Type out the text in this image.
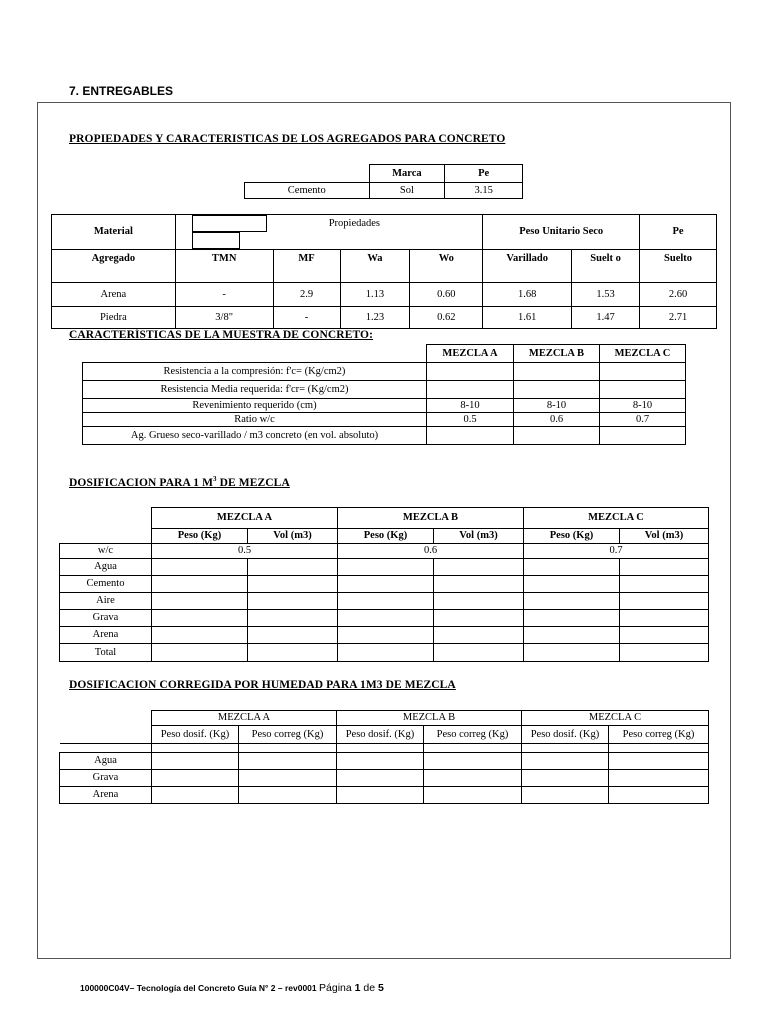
7. ENTREGABLES
PROPIEDADES Y CARACTERISTICAS DE LOS AGREGADOS PARA CONCRETO
	Marca	Pe
Cemento	Sol	3.15
Material	Propiedades				Peso Unitario Seco		Pe
Agregado	TMN	MF	Wa	Wo	Varillado	Suelt o	Suelto
Arena	-	2.9	1.13	0.60	1.68	1.53	2.60
Piedra	3/8"	-	1.23	0.62	1.61	1.47	2.71
CARACTERÍSTICAS DE LA MUESTRA DE CONCRETO:
	MEZCLA A	MEZCLA B	MEZCLA C
Resistencia a la compresión: f'c= (Kg/cm2)			
Resistencia Media requerida: f'cr= (Kg/cm2)			
Revenimiento requerido (cm)	8-10	8-10	8-10
Ratio w/c	0.5	0.6	0.7
Ag. Grueso seco-varillado / m3 concreto (en vol. absoluto)			
DOSIFICACION PARA 1 $M^3$ DE MEZCLA
	MEZCLA A		MEZCLA B		MEZCLA C	
	Peso (Kg)	Vol (m3)	Peso (Kg)	Vol (m3)	Peso (Kg)	Vol (m3)
w/c	0.5		0.6		0.7	
Agua						
Cemento						
Aire						
Grava						
Arena						
Total						
DOSIFICACION CORREGIDA POR HUMEDAD PARA 1M3 DE MEZCLA
	MEZCLA A		MEZCLA B		MEZCLA C	
	Peso dosif. (Kg)	Peso correg (Kg)	Peso dosif. (Kg)	Peso correg (Kg)	Peso dosif. (Kg)	Peso correg (Kg)

Agua						
Grava						
Arena						
100000C04V– Tecnología del Concreto Guía N° 2 – rev0001 Página 1 de 5
